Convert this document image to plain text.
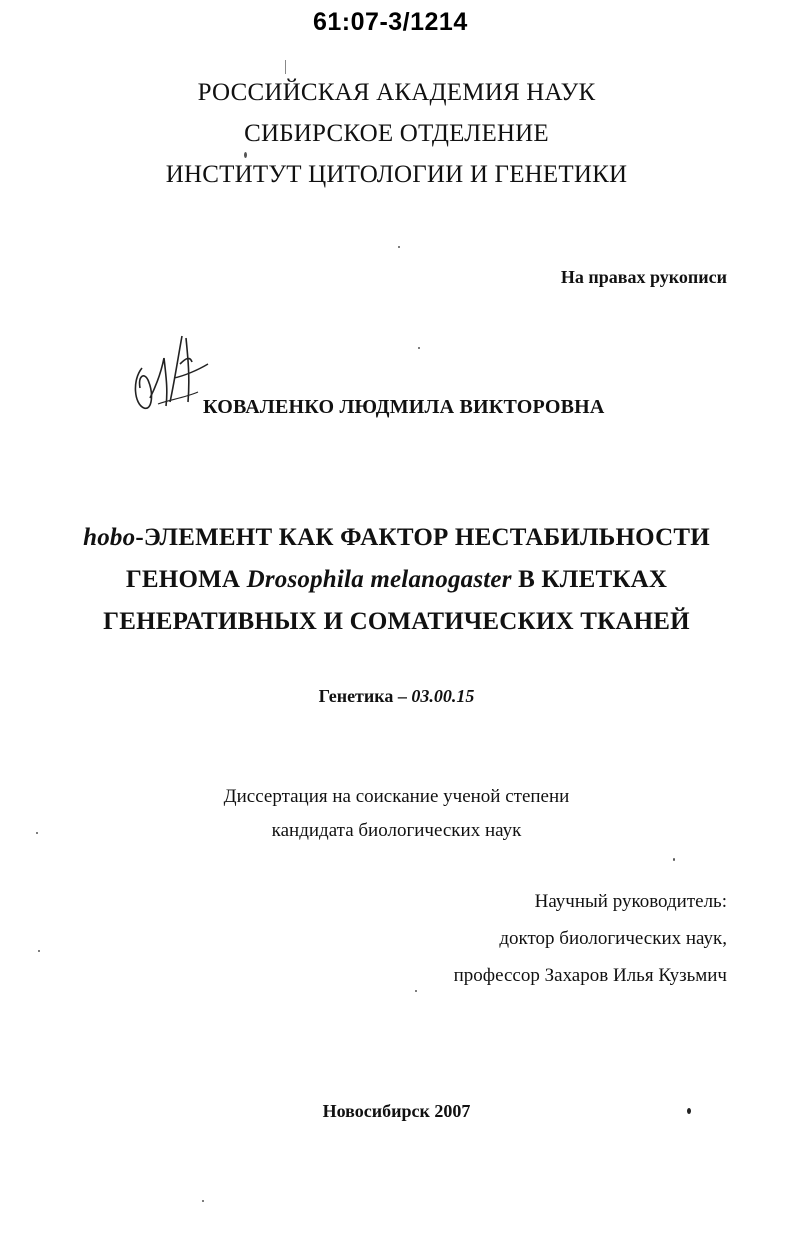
61:07-3/1214
РОССИЙСКАЯ АКАДЕМИЯ НАУК
СИБИРСКОЕ ОТДЕЛЕНИЕ
ИНСТИТУТ ЦИТОЛОГИИ И ГЕНЕТИКИ
На правах рукописи
КОВАЛЕНКО ЛЮДМИЛА ВИКТОРОВНА
hobo-ЭЛЕМЕНТ КАК ФАКТОР НЕСТАБИЛЬНОСТИ
ГЕНОМА Drosophila melanogaster В КЛЕТКАХ
ГЕНЕРАТИВНЫХ И СОМАТИЧЕСКИХ ТКАНЕЙ
Генетика – 03.00.15
Диссертация на соискание ученой степени
кандидата биологических наук
Научный руководитель:
доктор биологических наук,
профессор Захаров Илья Кузьмич
Новосибирск 2007
